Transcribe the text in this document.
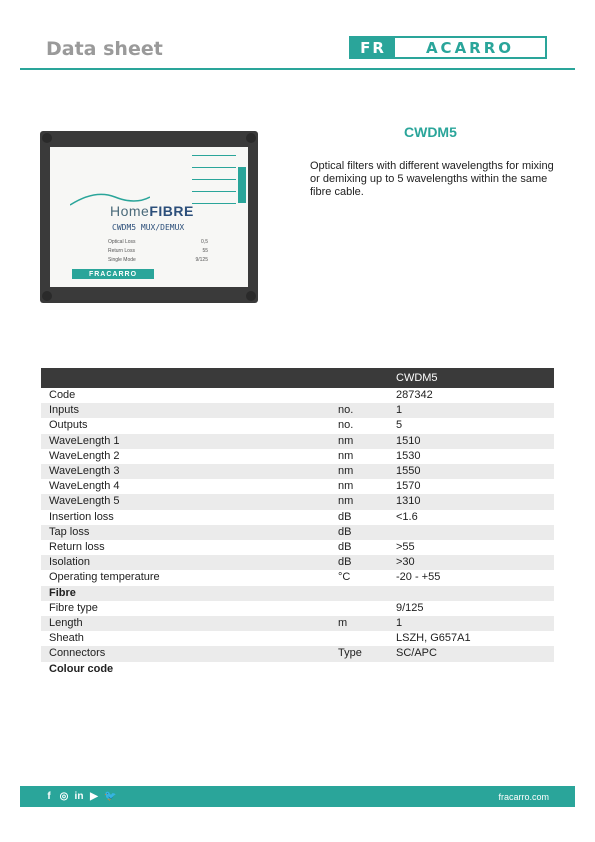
Data sheet	FR	ACARRO
HomeFIBRE
CWDM5 MUX/DEMUX
Optical Loss	0,5
Return Loss	55
Single Mode	9/125
FRACARRO
CWDM5
Optical filters with different wavelengths for mixing or demixing up to 5 wavelengths within the same fibre cable.
		CWDM5
Code		287342
Inputs	no.	1
Outputs	no.	5
WaveLength 1	nm	1510
WaveLength 2	nm	1530
WaveLength 3	nm	1550
WaveLength 4	nm	1570
WaveLength 5	nm	1310
Insertion loss	dB	<1.6
Tap loss	dB	
Return loss	dB	>55
Isolation	dB	>30
Operating temperature	°C	-20 - +55
Fibre		
Fibre type		9/125
Length	m	1
Sheath		LSZH, G657A1
Connectors	Type	SC/APC
Colour code		
f ◎ in ▶ 🐦	fracarro.com
